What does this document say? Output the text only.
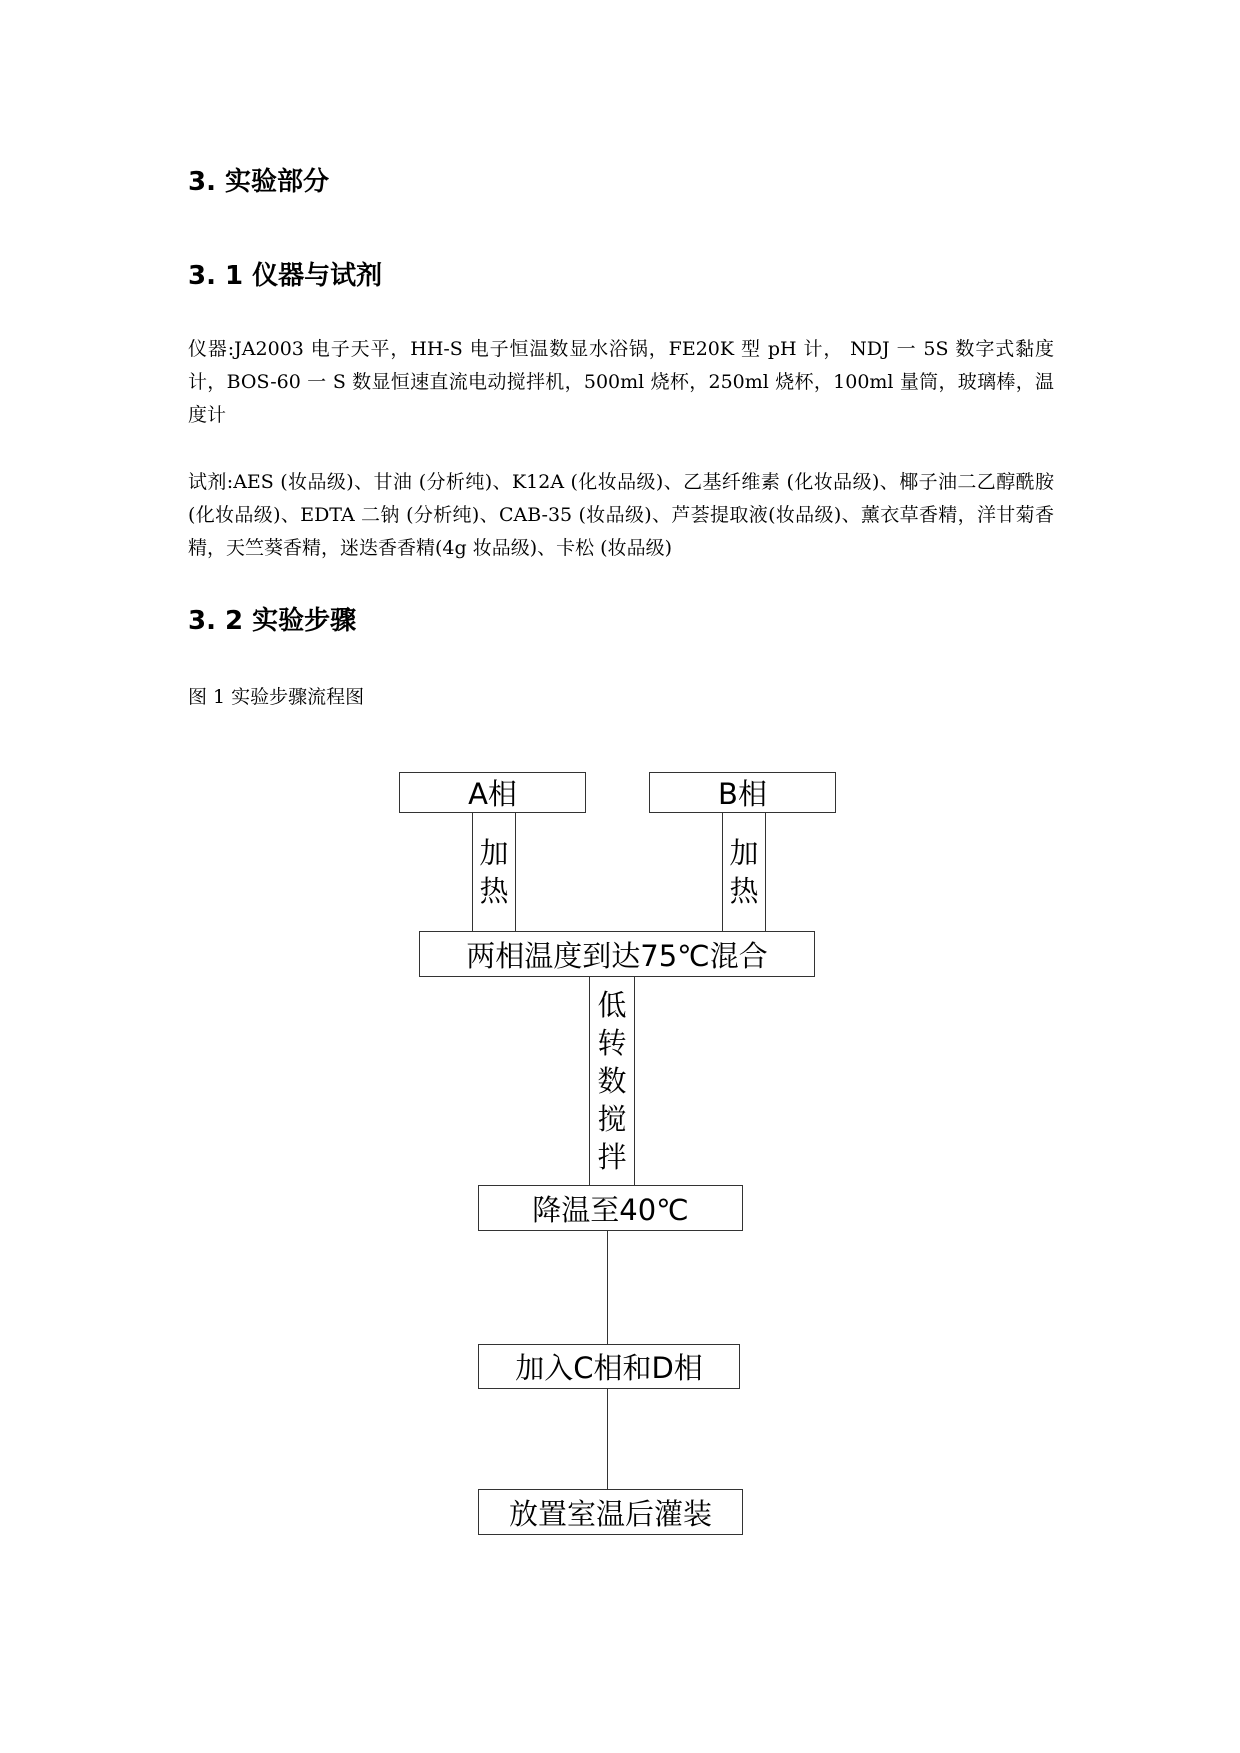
3. 实验部分
3. 1 仪器与试剂

仪器:JA2003 电子天平，HH-S 电子恒温数显水浴锅，FE20K 型 pH 计， NDJ 一 5S 数字式黏度计，BOS-60 一 S 数显恒速直流电动搅拌机，500ml 烧杯，250ml 烧杯，100ml 量筒，玻璃棒，温度计

试剂:AES (妆品级)、甘油 (分析纯)、K12A (化妆品级)、乙基纤维素 (化妆品级)、椰子油二乙醇酰胺 (化妆品级)、EDTA 二钠 (分析纯)、CAB-35 (妆品级)、芦荟提取液(妆品级)、薰衣草香精，洋甘菊香精，天竺葵香精，迷迭香香精(4g 妆品级)、卡松 (妆品级)

3. 2 实验步骤

图 1 实验步骤流程图

A相	B相
加热
加热
两相温度到达75℃混合
低转数搅拌
降温至40℃
加入C相和D相
放置室温后灌装
